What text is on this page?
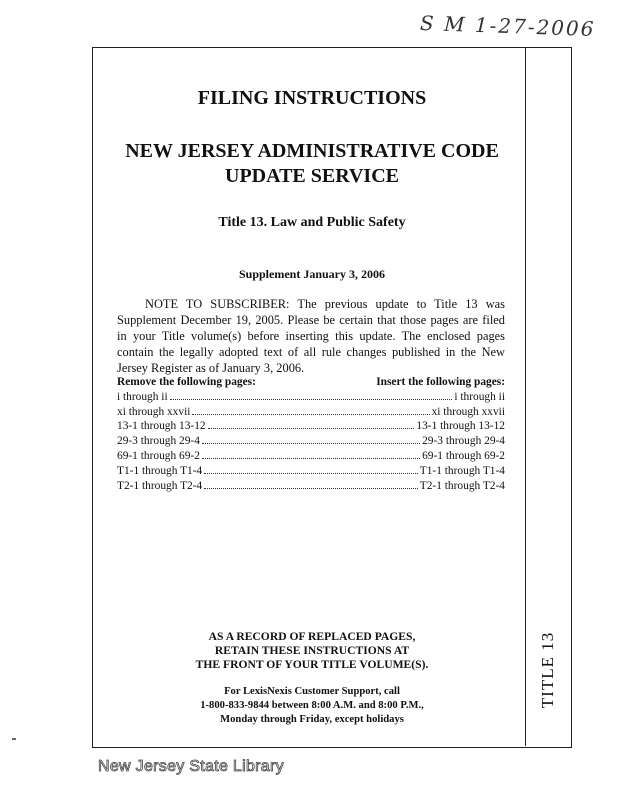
S M 1-27-2006
TITLE 13
FILING INSTRUCTIONS
NEW JERSEY ADMINISTRATIVE CODE
UPDATE SERVICE
Title 13. Law and Public Safety
Supplement January 3, 2006

NOTE TO SUBSCRIBER: The previous update to Title 13 was Supplement December 19, 2005. Please be certain that those pages are filed in your Title volume(s) before inserting this update. The enclosed pages contain the legally adopted text of all rule changes published in the New Jersey Register as of January 3, 2006.

Remove the following pages:	Insert the following pages:
i through ii	i through ii
xi through xxvii	xi through xxvii
13-1 through 13-12	13-1 through 13-12
29-3 through 29-4	29-3 through 29-4
69-1 through 69-2	69-1 through 69-2
T1-1 through T1-4	T1-1 through T1-4
T2-1 through T2-4	T2-1 through T2-4
AS A RECORD OF REPLACED PAGES,
RETAIN THESE INSTRUCTIONS AT
THE FRONT OF YOUR TITLE VOLUME(S).
For LexisNexis Customer Support, call
1-800-833-9844 between 8:00 A.M. and 8:00 P.M.,
Monday through Friday, except holidays
New Jersey State Library
